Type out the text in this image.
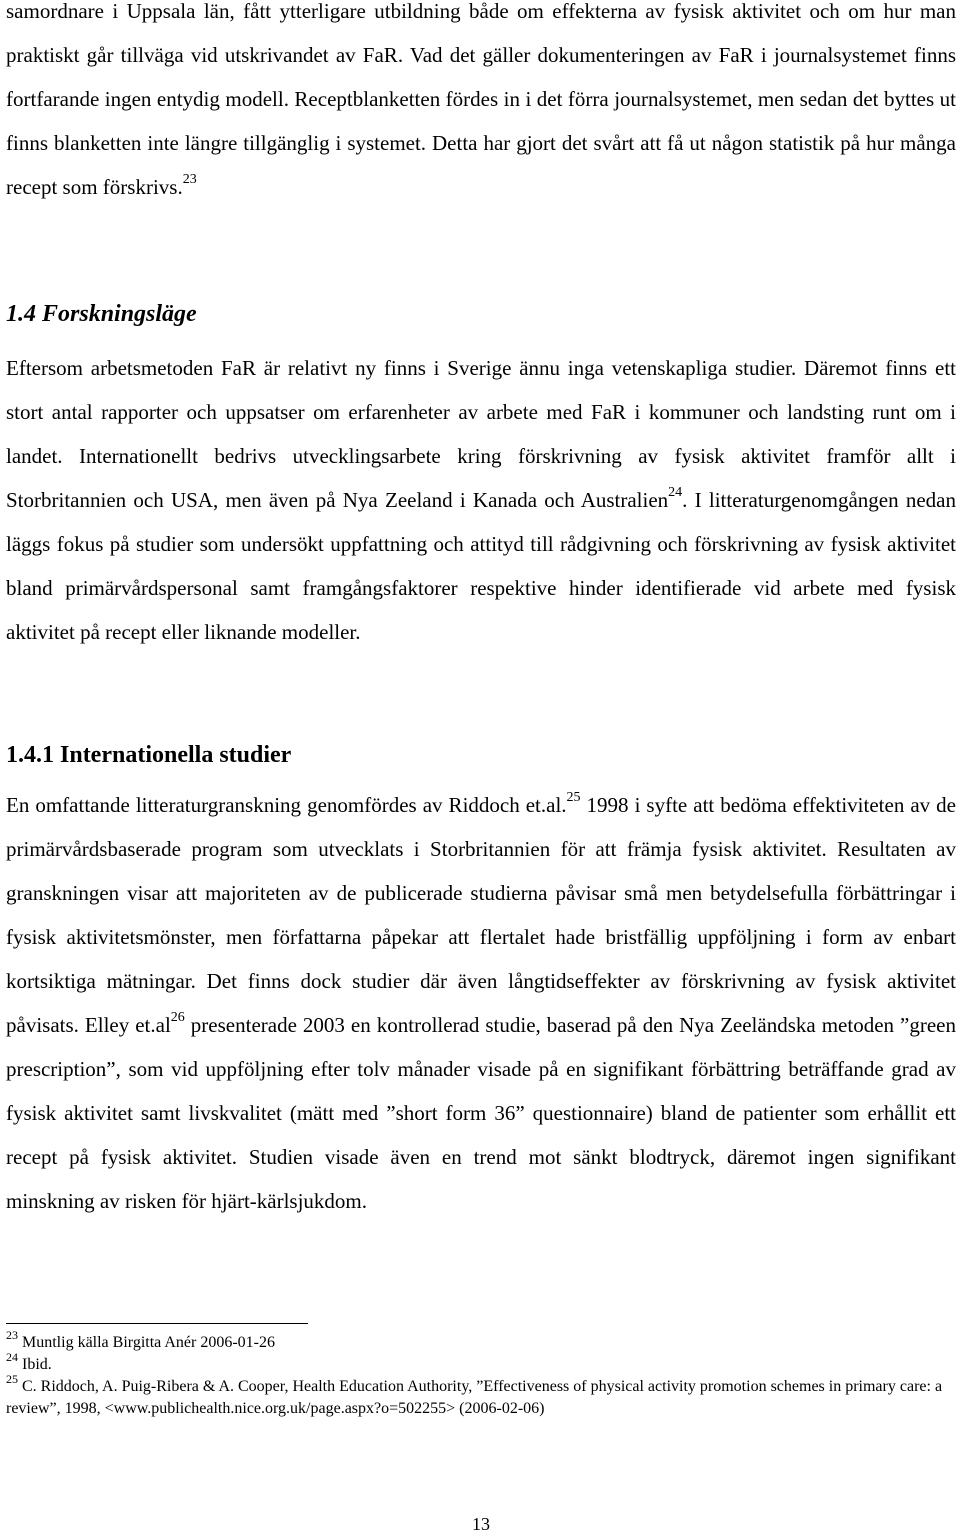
samordnare i Uppsala län, fått ytterligare utbildning både om effekterna av fysisk aktivitet och om hur man praktiskt går tillväga vid utskrivandet av FaR. Vad det gäller dokumenteringen av FaR i journalsystemet finns fortfarande ingen entydig modell. Receptblanketten fördes in i det förra journalsystemet, men sedan det byttes ut finns blanketten inte längre tillgänglig i systemet. Detta har gjort det svårt att få ut någon statistik på hur många recept som förskrivs.$^{23}$

1.4 Forskningsläge

Eftersom arbetsmetoden FaR är relativt ny finns i Sverige ännu inga vetenskapliga studier. Däremot finns ett stort antal rapporter och uppsatser om erfarenheter av arbete med FaR i kommuner och landsting runt om i landet. Internationellt bedrivs utvecklingsarbete kring förskrivning av fysisk aktivitet framför allt i Storbritannien och USA, men även på Nya Zeeland i Kanada och Australien$^{24}$. I litteraturgenomgången nedan läggs fokus på studier som undersökt uppfattning och attityd till rådgivning och förskrivning av fysisk aktivitet bland primärvårdspersonal samt framgångsfaktorer respektive hinder identifierade vid arbete med fysisk aktivitet på recept eller liknande modeller.

1.4.1 Internationella studier

En omfattande litteraturgranskning genomfördes av Riddoch et.al.$^{25}$ 1998 i syfte att bedöma effektiviteten av de primärvårdsbaserade program som utvecklats i Storbritannien för att främja fysisk aktivitet. Resultaten av granskningen visar att majoriteten av de publicerade studierna påvisar små men betydelsefulla förbättringar i fysisk aktivitetsmönster, men författarna påpekar att flertalet hade bristfällig uppföljning i form av enbart kortsiktiga mätningar. Det finns dock studier där även långtidseffekter av förskrivning av fysisk aktivitet påvisats. Elley $et.al^{26}$ presenterade 2003 en kontrollerad studie, baserad på den Nya Zeeländska metoden ”green prescription”, som vid uppföljning efter tolv månader visade på en signifikant förbättring beträffande grad av fysisk aktivitet samt livskvalitet (mätt med ”short form 36” questionnaire) bland de patienter som erhållit ett recept på fysisk aktivitet. Studien visade även en trend mot sänkt blodtryck, däremot ingen signifikant minskning av risken för hjärt-kärlsjukdom.

$^{23}$ Muntlig källa Birgitta Anér 2006-01-26

$^{24}$ Ibid.

$^{25}$ C. Riddoch, A. Puig-Ribera & A. Cooper, Health Education Authority, ”Effectiveness of physical activity promotion schemes in primary care: a review”, 1998, <www.publichealth.nice.org.uk/page.aspx?o=502255> (2006-02-06)

13
